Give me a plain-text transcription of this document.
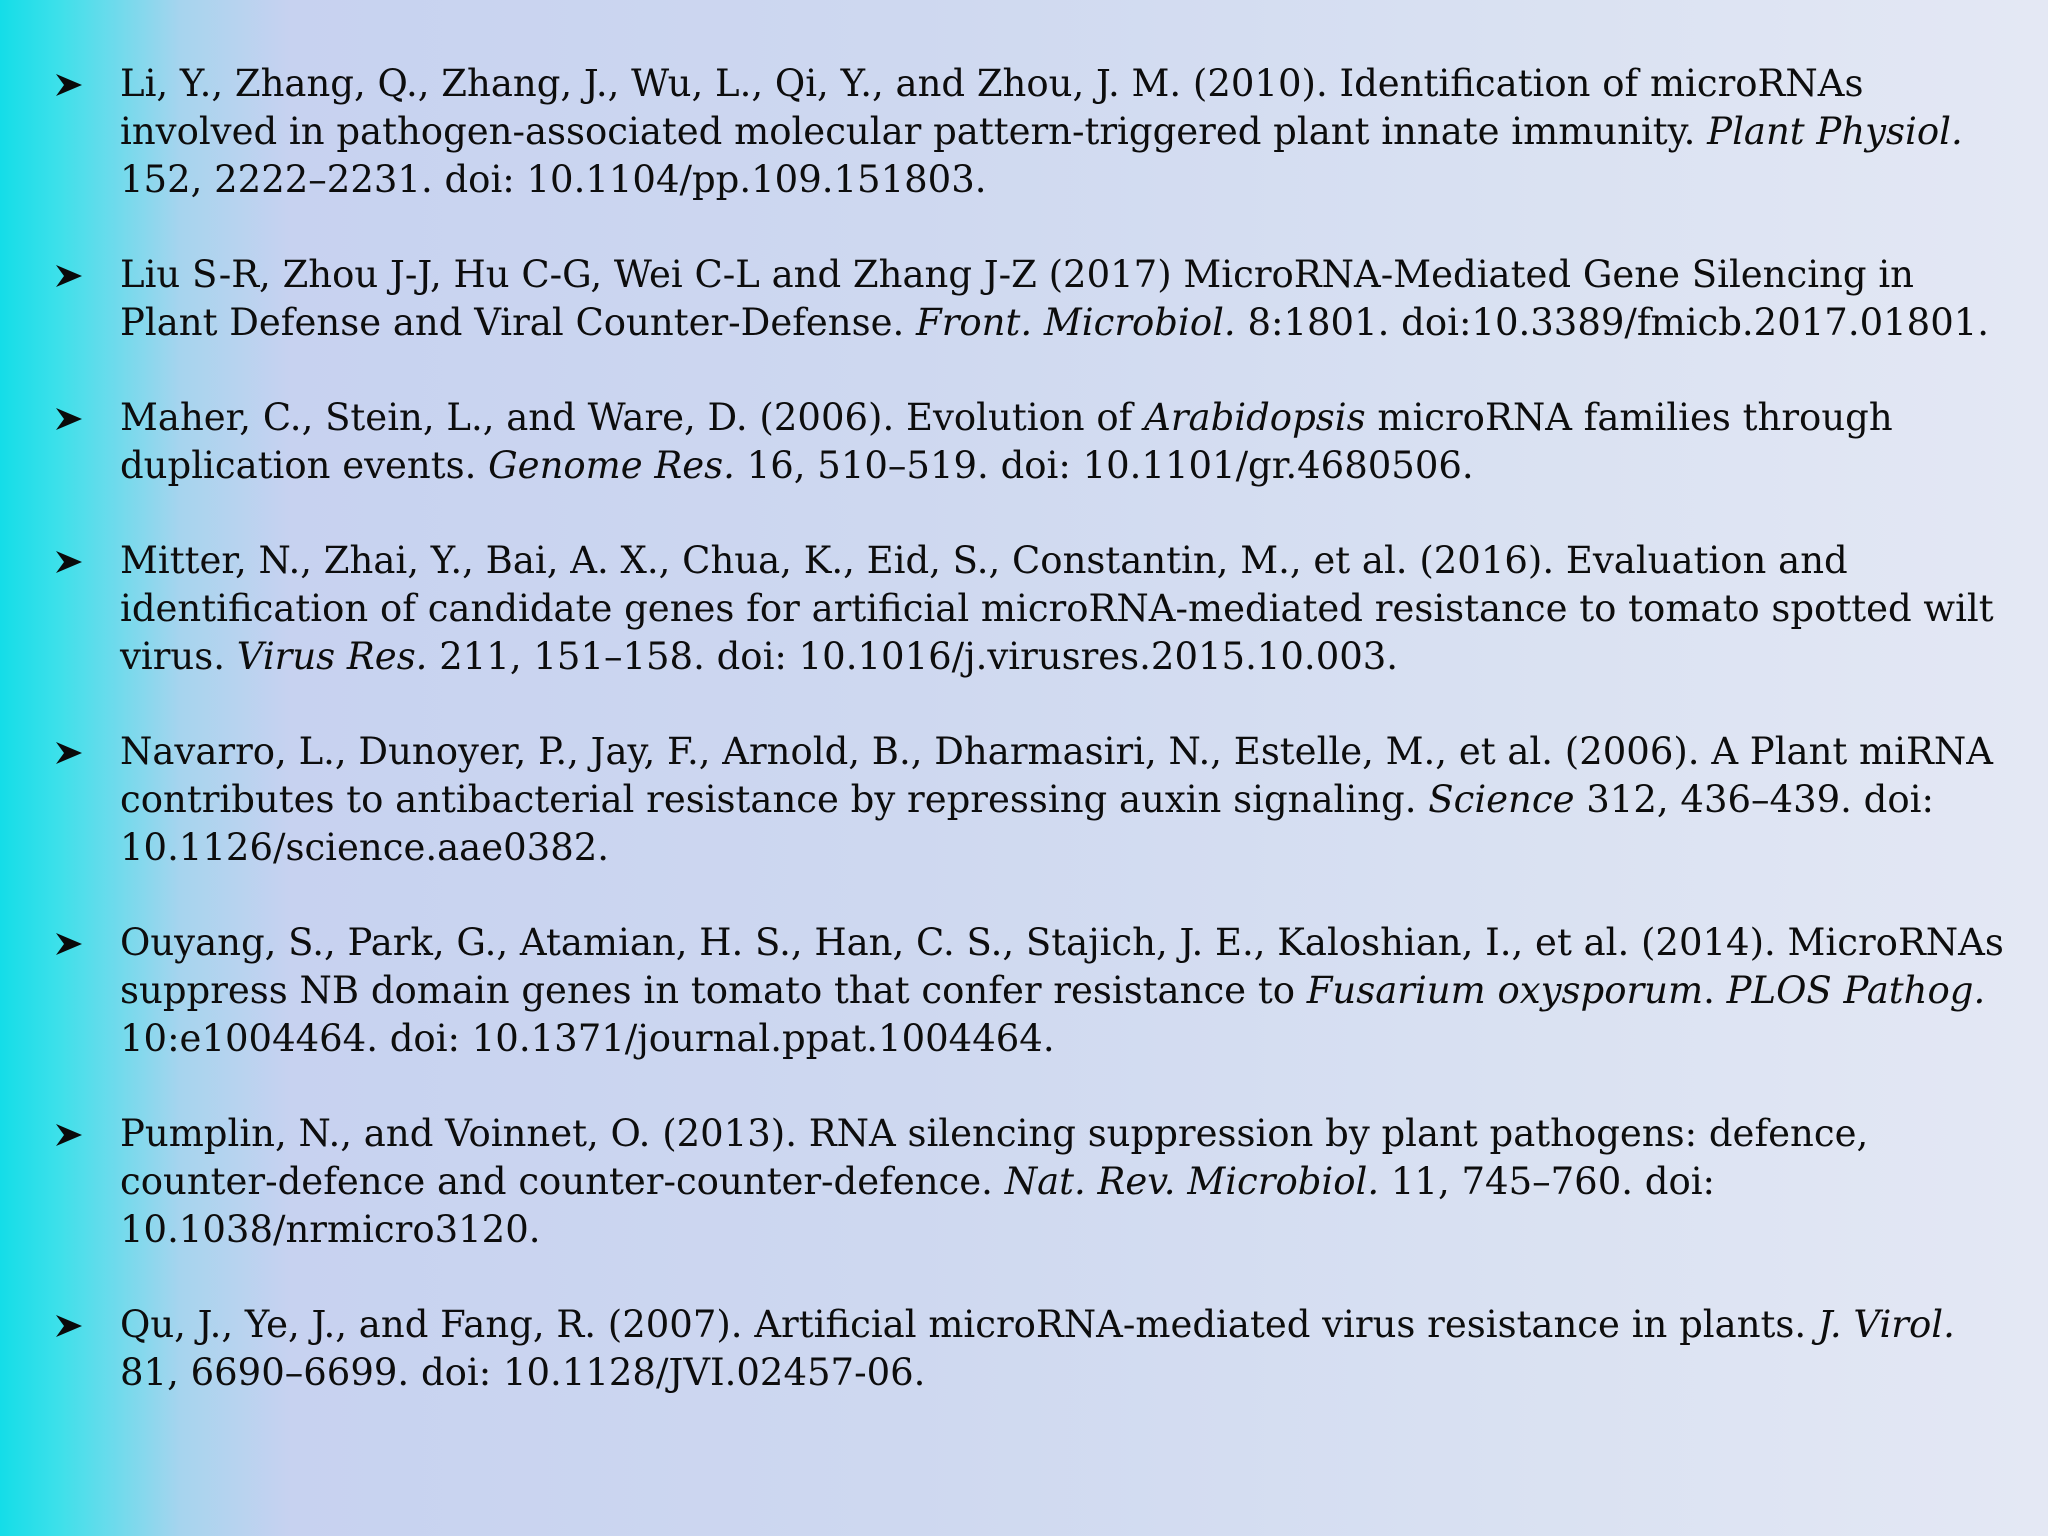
Li, Y., Zhang, Q., Zhang, J., Wu, L., Qi, Y., and Zhou, J. M. (2010). Identification of microRNAs involved in pathogen-associated molecular pattern-triggered plant innate immunity. Plant Physiol. 152, 2222–2231. doi: 10.1104/pp.109.151803.
Liu S-R, Zhou J-J, Hu C-G, Wei C-L and Zhang J-Z (2017) MicroRNA-Mediated Gene Silencing in Plant Defense and Viral Counter-Defense. Front. Microbiol. 8:1801. doi:10.3389/fmicb.2017.01801.
Maher, C., Stein, L., and Ware, D. (2006). Evolution of Arabidopsis microRNA families through duplication events. Genome Res. 16, 510–519. doi: 10.1101/gr.4680506.
Mitter, N., Zhai, Y., Bai, A. X., Chua, K., Eid, S., Constantin, M., et al. (2016). Evaluation and identification of candidate genes for artificial microRNA-mediated resistance to tomato spotted wilt virus. Virus Res. 211, 151–158. doi: 10.1016/j.virusres.2015.10.003.
Navarro, L., Dunoyer, P., Jay, F., Arnold, B., Dharmasiri, N., Estelle, M., et al. (2006). A Plant miRNA contributes to antibacterial resistance by repressing auxin signaling. Science 312, 436–439. doi: 10.1126/science.aae0382.
Ouyang, S., Park, G., Atamian, H. S., Han, C. S., Stajich, J. E., Kaloshian, I., et al. (2014). MicroRNAs suppress NB domain genes in tomato that confer resistance to Fusarium oxysporum. PLOS Pathog. 10:e1004464. doi: 10.1371/journal.ppat.1004464.
Pumplin, N., and Voinnet, O. (2013). RNA silencing suppression by plant pathogens: defence, counter-defence and counter-counter-defence. Nat. Rev. Microbiol. 11, 745–760. doi: 10.1038/nrmicro3120.
Qu, J., Ye, J., and Fang, R. (2007). Artificial microRNA-mediated virus resistance in plants. J. Virol. 81, 6690–6699. doi: 10.1128/JVI.02457-06.
